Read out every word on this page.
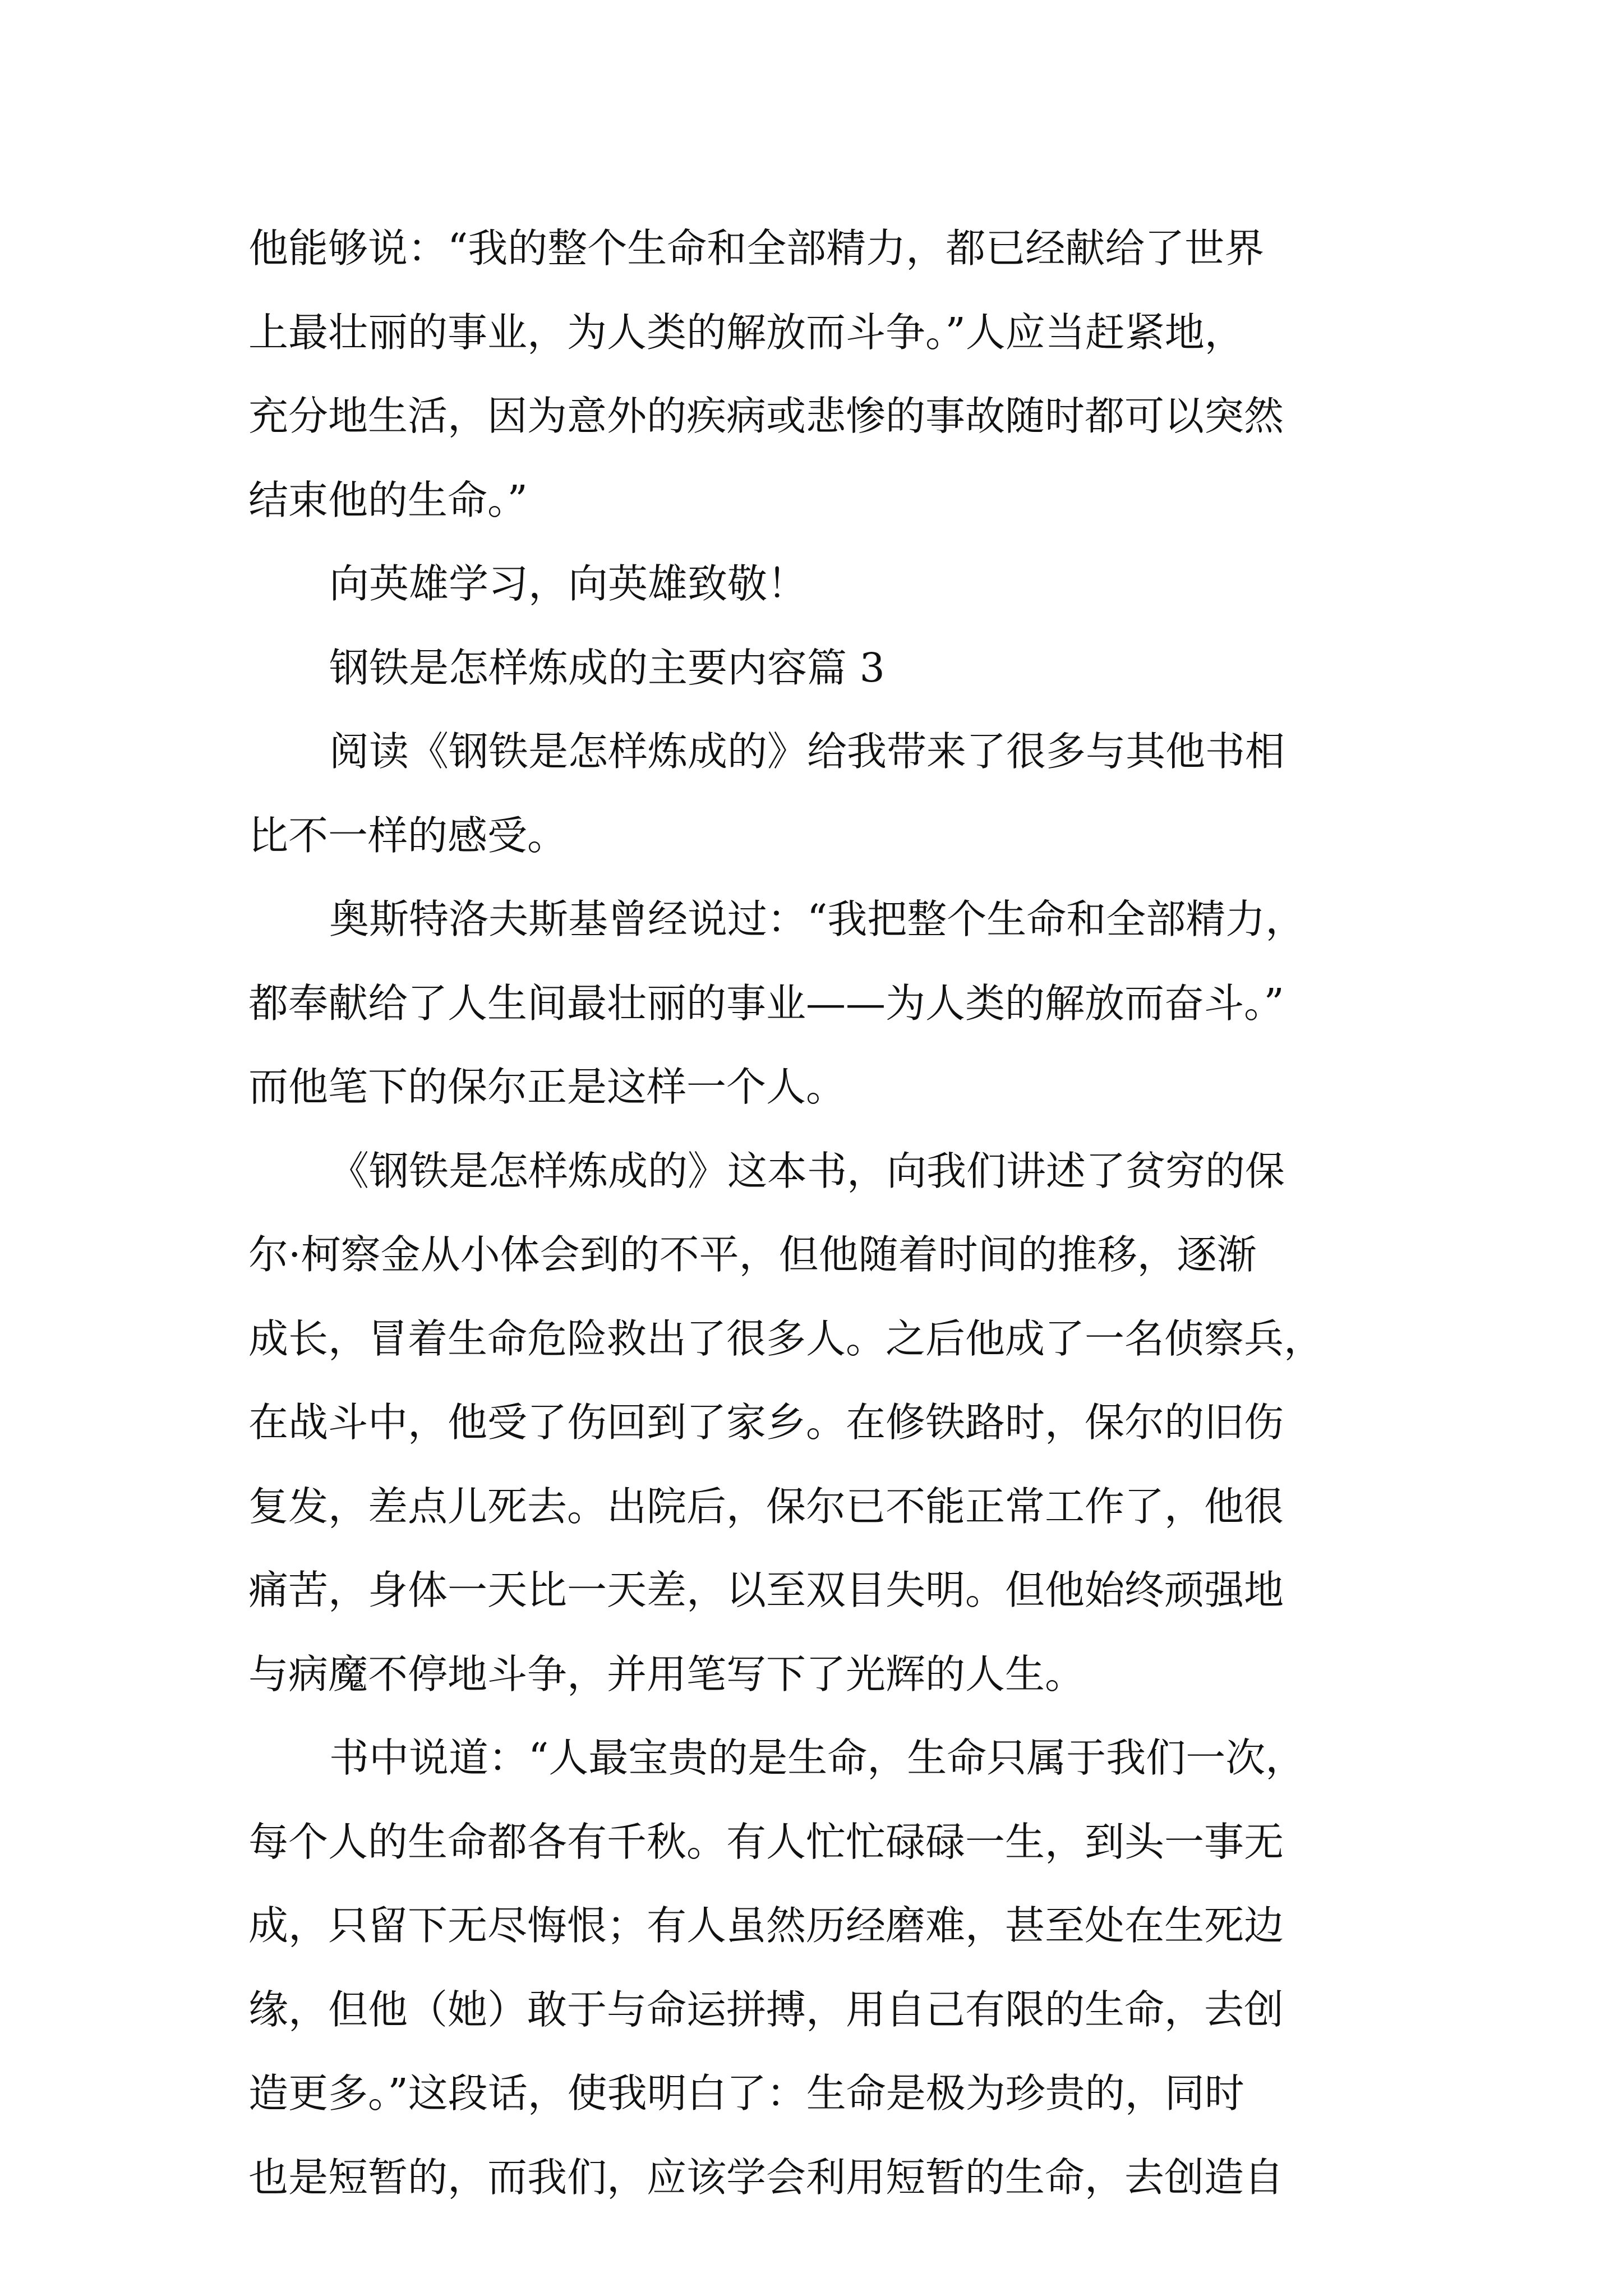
他能够说：“我的整个生命和全部精力，都已经献给了世界
上最壮丽的事业，为人类的解放而斗争。”人应当赶紧地，
充分地生活，因为意外的疾病或悲惨的事故随时都可以突然
结束他的生命。”
向英雄学习，向英雄致敬！
钢铁是怎样炼成的主要内容篇 3
阅读《钢铁是怎样炼成的》给我带来了很多与其他书相
比不一样的感受。
奥斯特洛夫斯基曾经说过：“我把整个生命和全部精力，
都奉献给了人生间最壮丽的事业——为人类的解放而奋斗。”
而他笔下的保尔正是这样一个人。
《钢铁是怎样炼成的》这本书，向我们讲述了贫穷的保
尔·柯察金从小体会到的不平，但他随着时间的推移，逐渐
成长，冒着生命危险救出了很多人。之后他成了一名侦察兵，
在战斗中，他受了伤回到了家乡。在修铁路时，保尔的旧伤
复发，差点儿死去。出院后，保尔已不能正常工作了，他很
痛苦，身体一天比一天差，以至双目失明。但他始终顽强地
与病魔不停地斗争，并用笔写下了光辉的人生。
书中说道：“人最宝贵的是生命，生命只属于我们一次，
每个人的生命都各有千秋。有人忙忙碌碌一生，到头一事无
成，只留下无尽悔恨；有人虽然历经磨难，甚至处在生死边
缘，但他（她）敢于与命运拼搏，用自己有限的生命，去创
造更多。”这段话，使我明白了：生命是极为珍贵的，同时
也是短暂的，而我们，应该学会利用短暂的生命，去创造自
